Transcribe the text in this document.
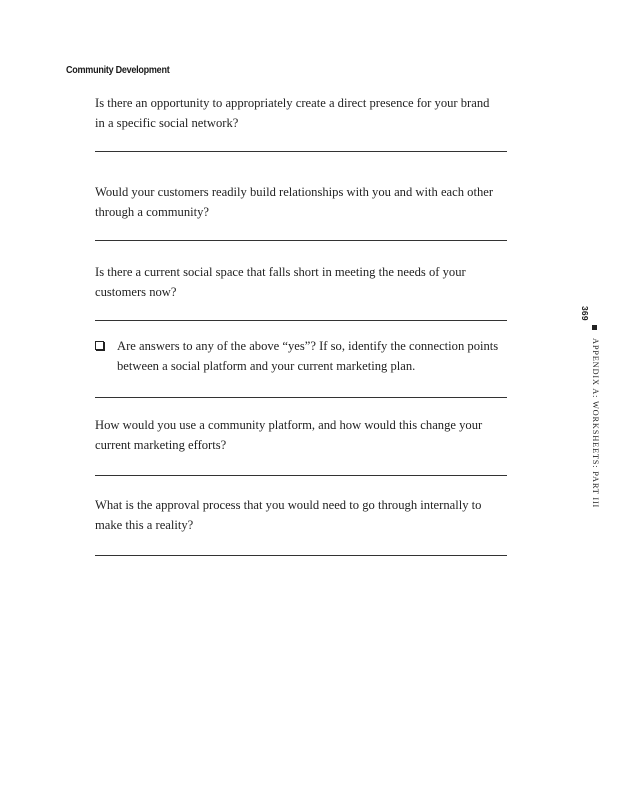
Community Development
Is there an opportunity to appropriately create a direct presence for your brand
in a specific social network?
Would your customers readily build relationships with you and with each other
through a community?
Is there a current social space that falls short in meeting the needs of your
customers now?
Are answers to any of the above “yes”? If so, identify the connection points
between a social platform and your current marketing plan.
How would you use a community platform, and how would this change your
current marketing efforts?
What is the approval process that you would need to go through internally to
make this a reality?
369
APPENDIX A: WORKSHEETS: PART III
